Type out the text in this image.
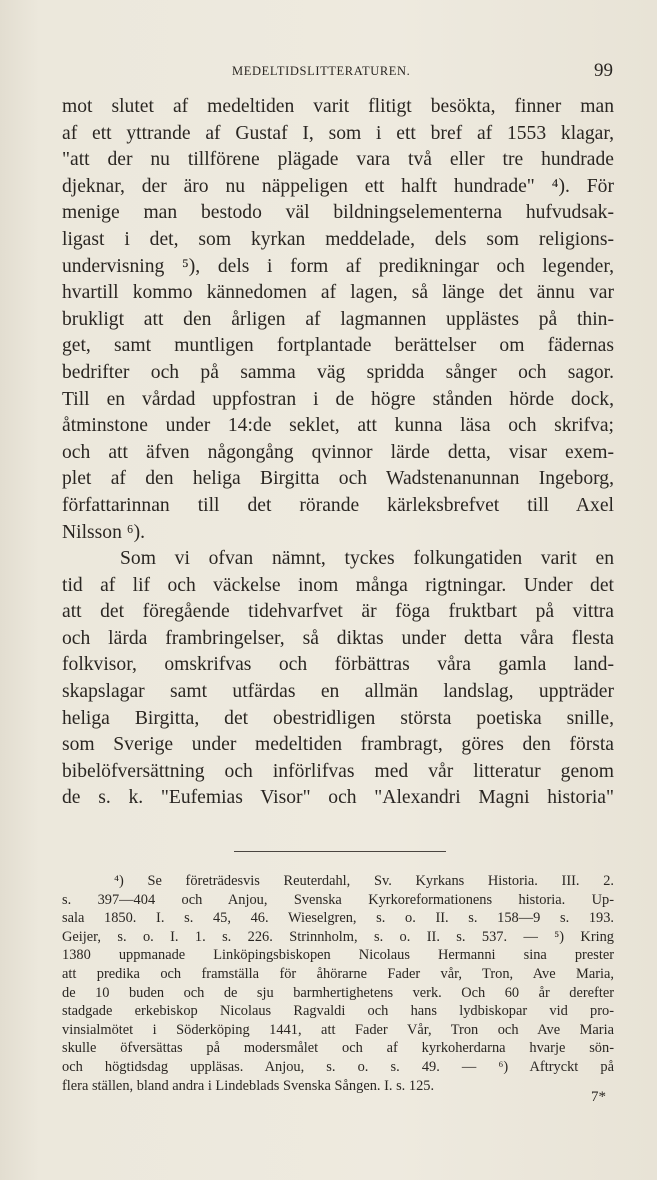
MEDELTIDSLITTERATUREN.	99
mot slutet af medeltiden varit flitigt besökta, finner man
af ett yttrande af Gustaf I, som i ett bref af 1553 klagar,
"att der nu tillförene plägade vara två eller tre hundrade
djeknar, der äro nu näppeligen ett halft hundrade" ⁴). För
menige man bestodo väl bildningselementerna hufvudsak-
ligast i det, som kyrkan meddelade, dels som religions-
undervisning ⁵), dels i form af predikningar och legender,
hvartill kommo kännedomen af lagen, så länge det ännu var
brukligt att den årligen af lagmannen upplästes på thin-
get, samt muntligen fortplantade berättelser om fädernas
bedrifter och på samma väg spridda sånger och sagor.
Till en vårdad uppfostran i de högre stånden hörde dock,
åtminstone under 14:de seklet, att kunna läsa och skrifva;
och att äfven någongång qvinnor lärde detta, visar exem-
plet af den heliga Birgitta och Wadstenanunnan Ingeborg,
författarinnan till det rörande kärleksbrefvet till Axel
Nilsson ⁶).
Som vi ofvan nämnt, tyckes folkungatiden varit en
tid af lif och väckelse inom många rigtningar. Under det
att det föregående tidehvarfvet är föga fruktbart på vittra
och lärda frambringelser, så diktas under detta våra flesta
folkvisor, omskrifvas och förbättras våra gamla land-
skapslagar samt utfärdas en allmän landslag, uppträder
heliga Birgitta, det obestridligen största poetiska snille,
som Sverige under medeltiden frambragt, göres den första
bibelöfversättning och införlifvas med vår litteratur genom
de s. k. "Eufemias Visor" och "Alexandri Magni historia"
⁴) Se företrädesvis Reuterdahl, Sv. Kyrkans Historia. III. 2.
s. 397—404 och Anjou, Svenska Kyrkoreformationens historia. Up-
sala 1850. I. s. 45, 46. Wieselgren, s. o. II. s. 158—9 s. 193.
Geijer, s. o. I. 1. s. 226. Strinnholm, s. o. II. s. 537. — ⁵) Kring
1380 uppmanade Linköpingsbiskopen Nicolaus Hermanni sina prester
att predika och framställa för åhörarne Fader vår, Tron, Ave Maria,
de 10 buden och de sju barmhertighetens verk. Och 60 år derefter
stadgade erkebiskop Nicolaus Ragvaldi och hans lydbiskopar vid pro-
vinsialmötet i Söderköping 1441, att Fader Vår, Tron och Ave Maria
skulle öfversättas på modersmålet och af kyrkoherdarna hvarje sön-
och högtidsdag uppläsas. Anjou, s. o. s. 49. — ⁶) Aftryckt på
flera ställen, bland andra i Lindeblads Svenska Sången. I. s. 125.
7*
